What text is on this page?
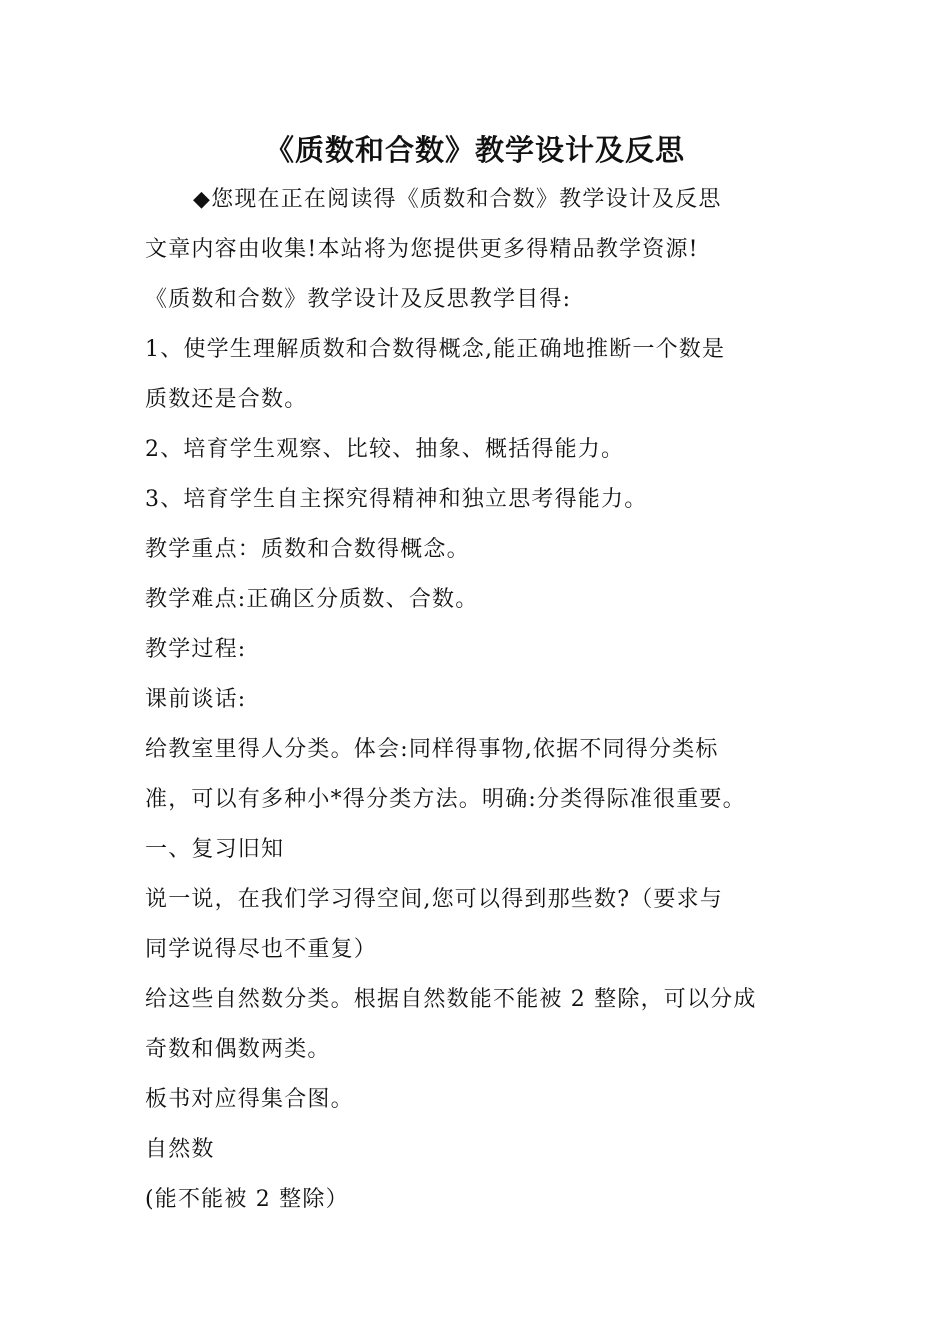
《质数和合数》教学设计及反思
◆您现在正在阅读得《质数和合数》教学设计及反思
文章内容由收集!本站将为您提供更多得精品教学资源!
《质数和合数》教学设计及反思教学目得:
1、使学生理解质数和合数得概念,能正确地推断一个数是
质数还是合数。
2、培育学生观察、比较、抽象、概括得能力。
3、培育学生自主探究得精神和独立思考得能力。
教学重点：质数和合数得概念。
教学难点:正确区分质数、合数。
教学过程:
课前谈话:
给教室里得人分类。体会:同样得事物,依据不同得分类标
准，可以有多种小*得分类方法。明确:分类得际准很重要。
一、复习旧知
说一说，在我们学习得空间,您可以得到那些数?（要求与
同学说得尽也不重复）
给这些自然数分类。根据自然数能不能被 2 整除，可以分成
奇数和偶数两类。
板书对应得集合图。
自然数
(能不能被 2 整除）
